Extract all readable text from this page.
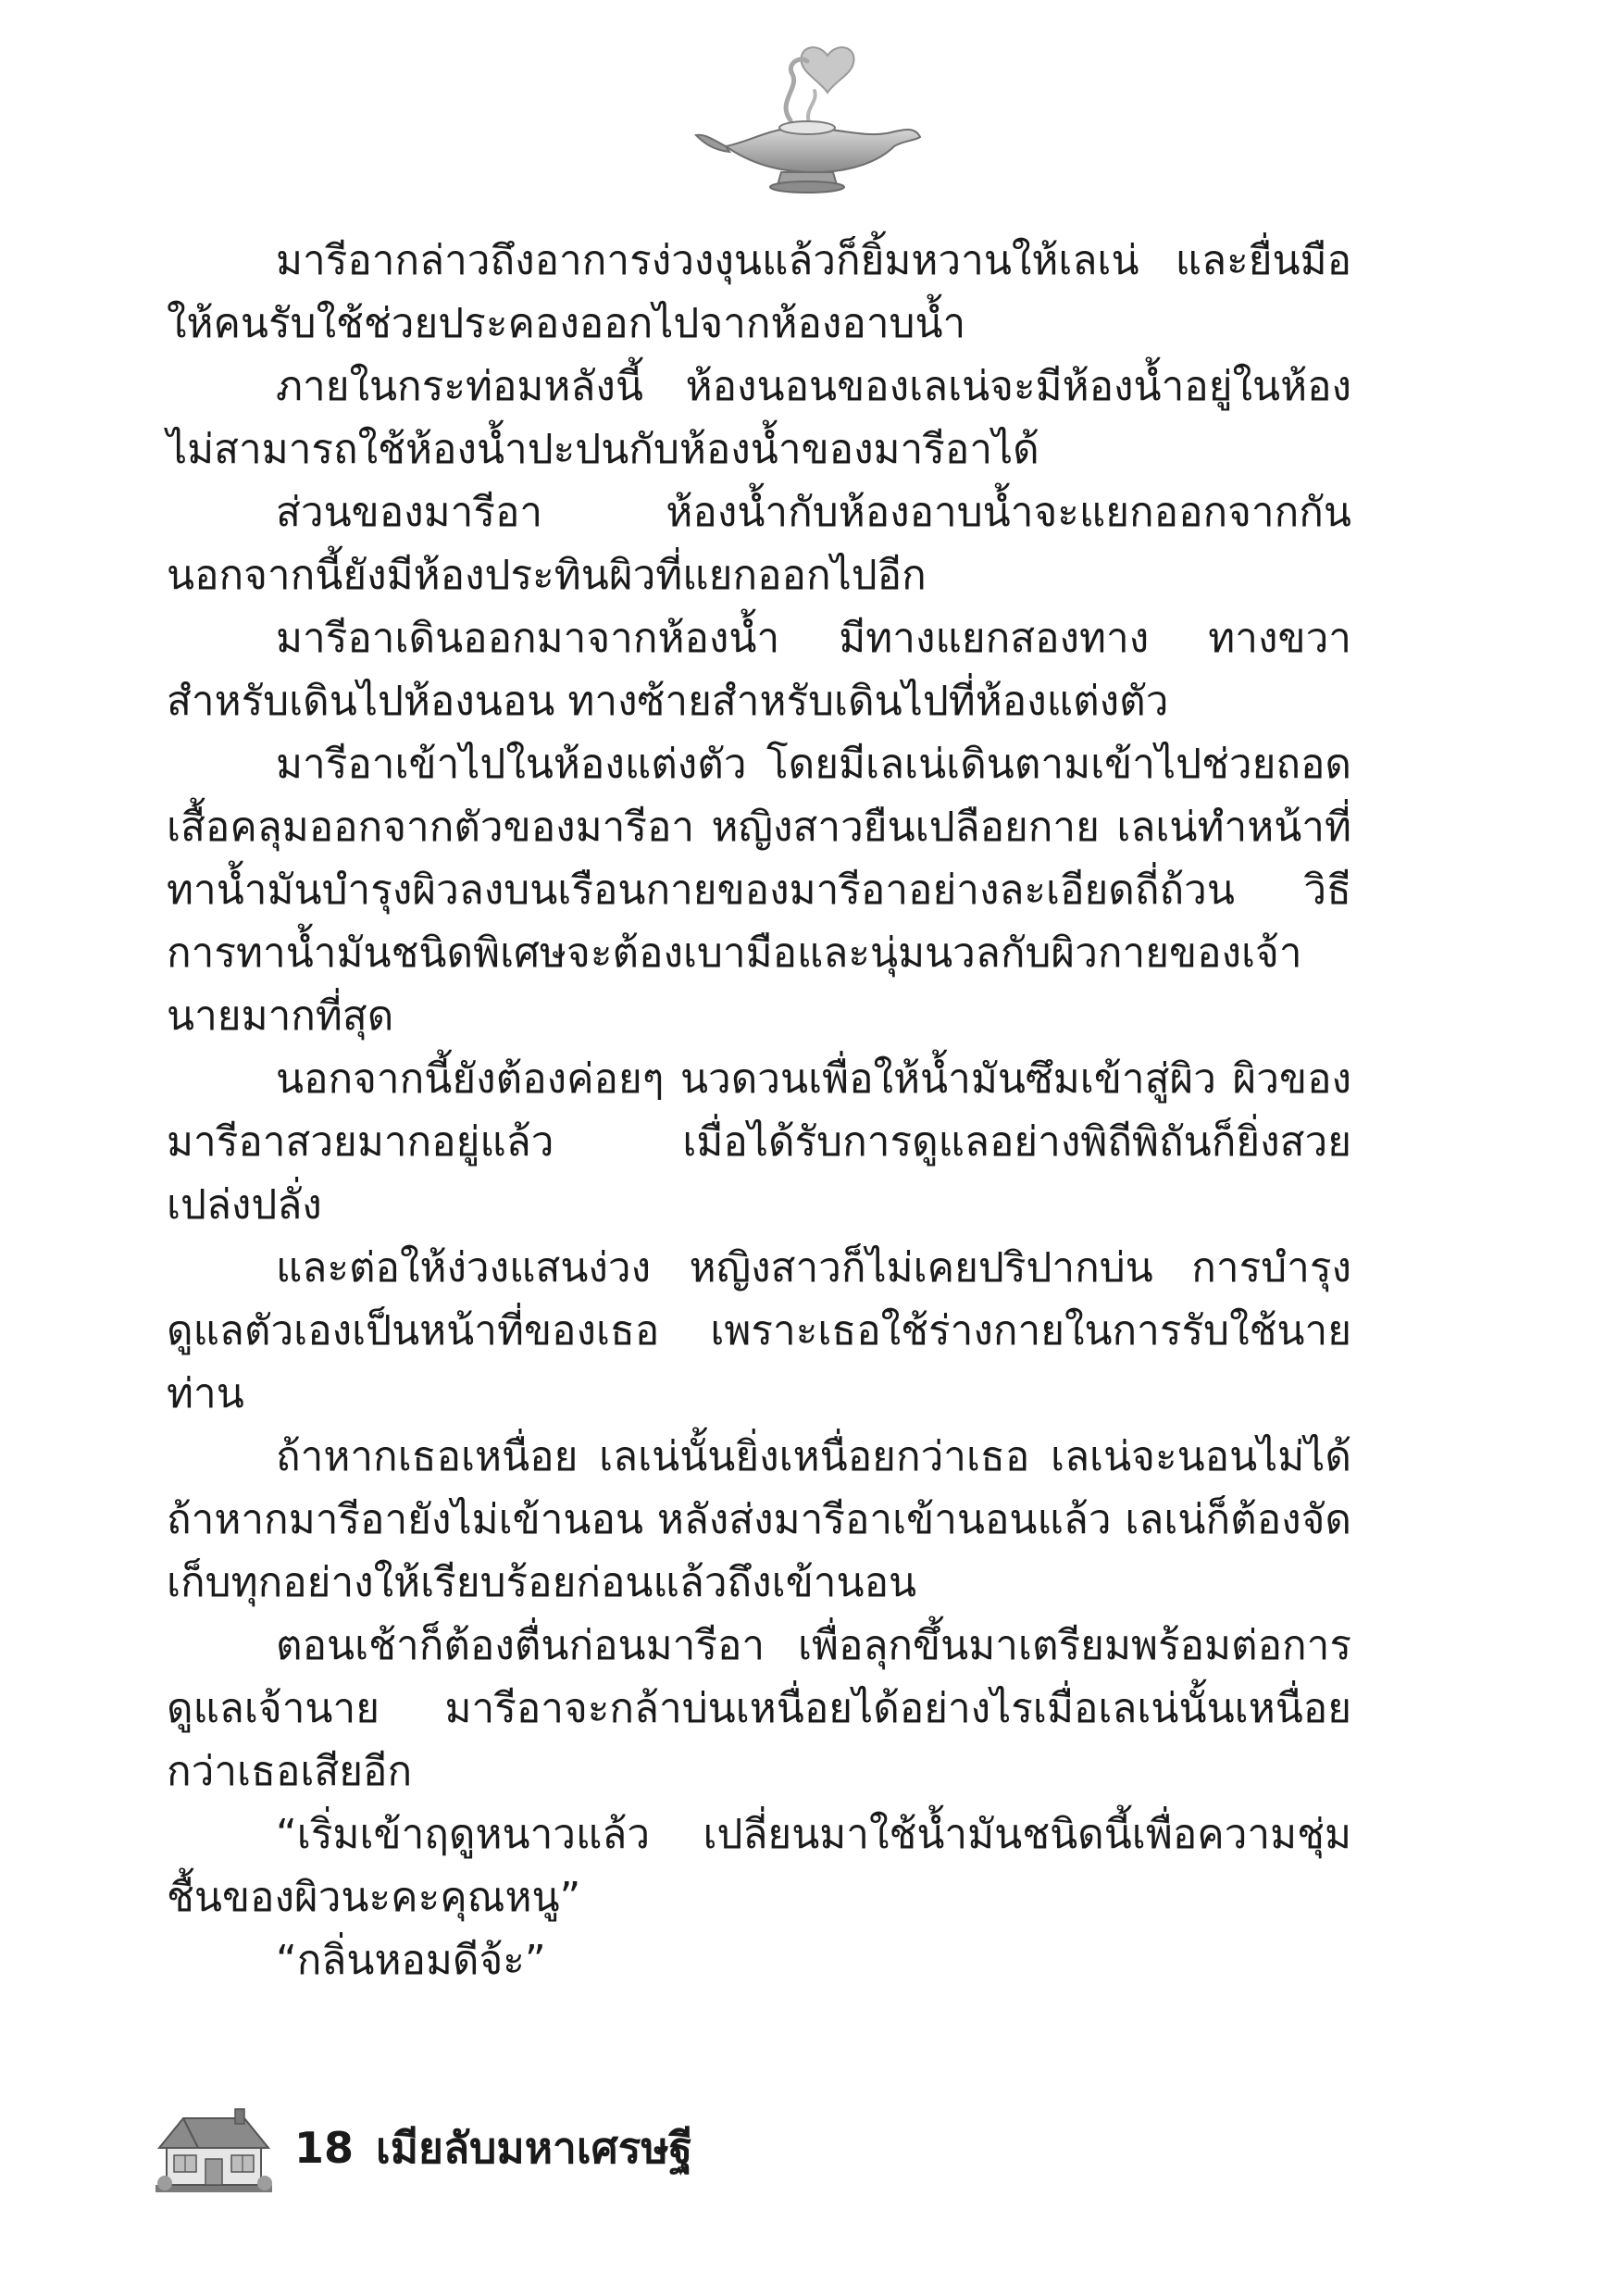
มารีอากล่าวถึงอาการง่วงงุนแล้วก็ยิ้มหวานให้เลเน่ และยื่นมือให้คนรับใช้ช่วยประคองออกไปจากห้องอาบน้ำ

ภายในกระท่อมหลังนี้ ห้องนอนของเลเน่จะมีห้องน้ำอยู่ในห้อง ไม่สามารถใช้ห้องน้ำปะปนกับห้องน้ำของมารีอาได้

ส่วนของมารีอา ห้องน้ำกับห้องอาบน้ำจะแยกออกจากกัน นอกจากนี้ยังมีห้องประทินผิวที่แยกออกไปอีก

มารีอาเดินออกมาจากห้องน้ำ มีทางแยกสองทาง ทางขวาสำหรับเดินไปห้องนอน ทางซ้ายสำหรับเดินไปที่ห้องแต่งตัว

มารีอาเข้าไปในห้องแต่งตัว โดยมีเลเน่เดินตามเข้าไปช่วยถอดเสื้อคลุมออกจากตัวของมารีอา หญิงสาวยืนเปลือยกาย เลเน่ทำหน้าที่ทาน้ำมันบำรุงผิวลงบนเรือนกายของมารีอาอย่างละเอียดถี่ถ้วน วิธีการทาน้ำมันชนิดพิเศษจะต้องเบามือและนุ่มนวลกับผิวกายของเจ้านายมากที่สุด

นอกจากนี้ยังต้องค่อยๆ นวดวนเพื่อให้น้ำมันซึมเข้าสู่ผิว ผิวของมารีอาสวยมากอยู่แล้ว เมื่อได้รับการดูแลอย่างพิถีพิถันก็ยิ่งสวยเปล่งปลั่ง

และต่อให้ง่วงแสนง่วง หญิงสาวก็ไม่เคยปริปากบ่น การบำรุงดูแลตัวเองเป็นหน้าที่ของเธอ เพราะเธอใช้ร่างกายในการรับใช้นายท่าน

ถ้าหากเธอเหนื่อย เลเน่นั้นยิ่งเหนื่อยกว่าเธอ เลเน่จะนอนไม่ได้ถ้าหากมารีอายังไม่เข้านอน หลังส่งมารีอาเข้านอนแล้ว เลเน่ก็ต้องจัดเก็บทุกอย่างให้เรียบร้อยก่อนแล้วถึงเข้านอน

ตอนเช้าก็ต้องตื่นก่อนมารีอา เพื่อลุกขึ้นมาเตรียมพร้อมต่อการดูแลเจ้านาย มารีอาจะกล้าบ่นเหนื่อยได้อย่างไรเมื่อเลเน่นั้นเหนื่อยกว่าเธอเสียอีก

“เริ่มเข้าฤดูหนาวแล้ว เปลี่ยนมาใช้น้ำมันชนิดนี้เพื่อความชุ่มชื้นของผิวนะคะคุณหนู”

“กลิ่นหอมดีจ้ะ”

18 เมียลับมหาเศรษฐี
